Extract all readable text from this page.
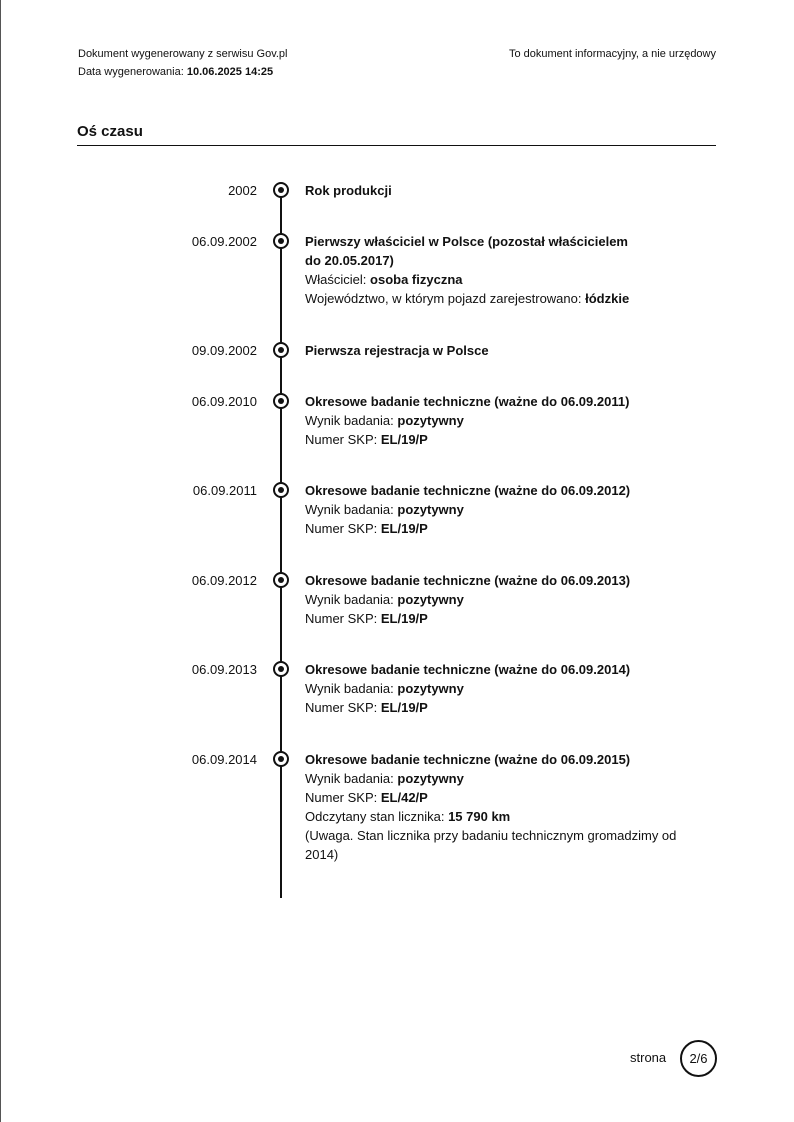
Dokument wygenerowany z serwisu Gov.pl
Data wygenerowania: 10.06.2025 14:25
To dokument informacyjny, a nie urzędowy
Oś czasu
2002	Rok produkcji
06.09.2002	Pierwszy właściciel w Polsce (pozostał właścicielem do 20.05.2017)
Właściciel: osoba fizyczna
Województwo, w którym pojazd zarejestrowano: łódzkie
09.09.2002	Pierwsza rejestracja w Polsce
06.09.2010	Okresowe badanie techniczne (ważne do 06.09.2011)
Wynik badania: pozytywny
Numer SKP: EL/19/P
06.09.2011	Okresowe badanie techniczne (ważne do 06.09.2012)
Wynik badania: pozytywny
Numer SKP: EL/19/P
06.09.2012	Okresowe badanie techniczne (ważne do 06.09.2013)
Wynik badania: pozytywny
Numer SKP: EL/19/P
06.09.2013	Okresowe badanie techniczne (ważne do 06.09.2014)
Wynik badania: pozytywny
Numer SKP: EL/19/P
06.09.2014	Okresowe badanie techniczne (ważne do 06.09.2015)
Wynik badania: pozytywny
Numer SKP: EL/42/P
Odczytany stan licznika: 15 790 km
(Uwaga. Stan licznika przy badaniu technicznym gromadzimy od 2014)
strona 2/6
